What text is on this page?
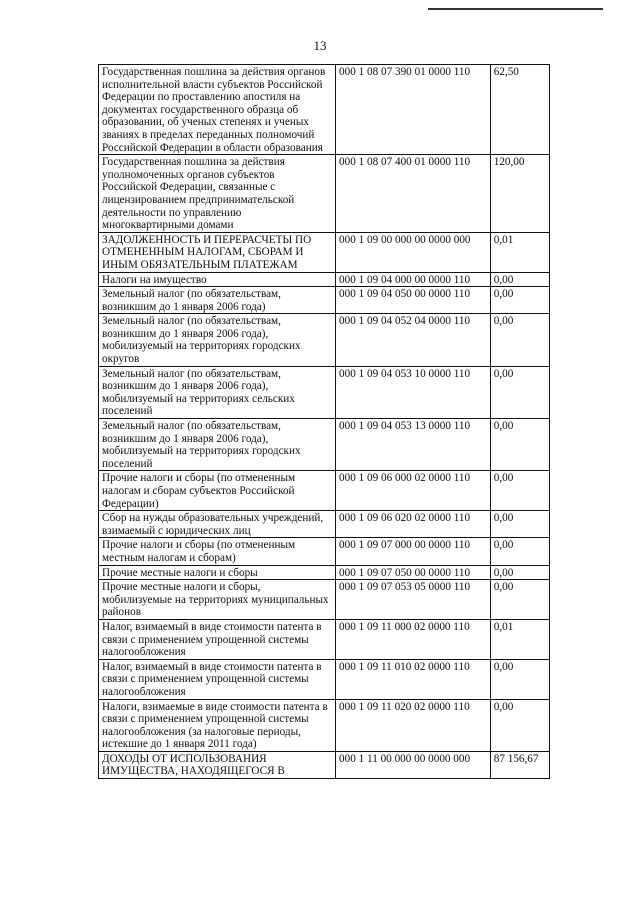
13
Государственная пошлина за действия органов исполнительной власти субъектов Российской Федерации по проставлению апостиля на документах государственного образца об образовании, об ученых степенях и ученых званиях в пределах переданных полномочий Российской Федерации в области образования	000 1 08 07 390 01 0000 110	62,50
Государственная пошлина за действия уполномоченных органов субъектов Российской Федерации, связанные с лицензированием предпринимательской деятельности по управлению многоквартирными домами	000 1 08 07 400 01 0000 110	120,00
ЗАДОЛЖЕННОСТЬ И ПЕРЕРАСЧЕТЫ ПО ОТМЕНЕННЫМ НАЛОГАМ, СБОРАМ И ИНЫМ ОБЯЗАТЕЛЬНЫМ ПЛАТЕЖАМ	000 1 09 00 000 00 0000 000	0,01
Налоги на имущество	000 1 09 04 000 00 0000 110	0,00
Земельный налог (по обязательствам, возникшим до 1 января 2006 года)	000 1 09 04 050 00 0000 110	0,00
Земельный налог (по обязательствам, возникшим до 1 января 2006 года), мобилизуемый на территориях городских округов	000 1 09 04 052 04 0000 110	0,00
Земельный налог (по обязательствам, возникшим до 1 января 2006 года), мобилизуемый на территориях сельских поселений	000 1 09 04 053 10 0000 110	0,00
Земельный налог (по обязательствам, возникшим до 1 января 2006 года), мобилизуемый на территориях городских поселений	000 1 09 04 053 13 0000 110	0,00
Прочие налоги и сборы (по отмененным налогам и сборам субъектов Российской Федерации)	000 1 09 06 000 02 0000 110	0,00
Сбор на нужды образовательных учреждений, взимаемый с юридических лиц	000 1 09 06 020 02 0000 110	0,00
Прочие налоги и сборы (по отмененным местным налогам и сборам)	000 1 09 07 000 00 0000 110	0,00
Прочие местные налоги и сборы	000 1 09 07 050 00 0000 110	0,00
Прочие местные налоги и сборы, мобилизуемые на территориях муниципальных районов	000 1 09 07 053 05 0000 110	0,00
Налог, взимаемый в виде стоимости патента в связи с применением упрощенной системы налогообложения	000 1 09 11 000 02 0000 110	0,01
Налог, взимаемый в виде стоимости патента в связи с применением упрощенной системы налогообложения	000 1 09 11 010 02 0000 110	0,00
Налоги, взимаемые в виде стоимости патента в связи с применением упрощенной системы налогообложения (за налоговые периоды, истекшие до 1 января 2011 года)	000 1 09 11 020 02 0000 110	0,00
ДОХОДЫ ОТ ИСПОЛЬЗОВАНИЯ ИМУЩЕСТВА, НАХОДЯЩЕГОСЯ В	000 1 11 00 000 00 0000 000	87 156,67
